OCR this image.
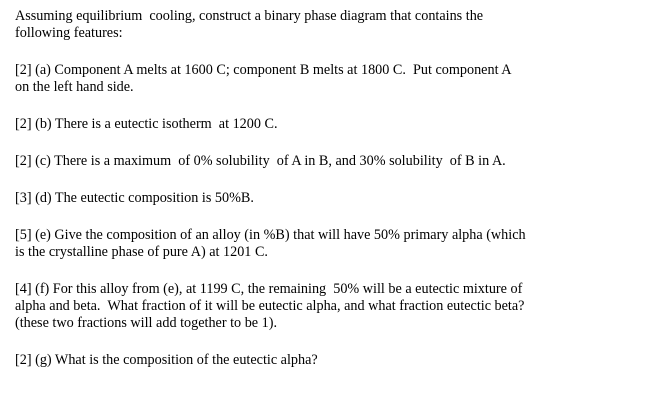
Assuming equilibrium  cooling, construct a binary phase diagram that contains the
following features:

[2] (a) Component A melts at 1600 C; component B melts at 1800 C.  Put component A
on the left hand side.

[2] (b) There is a eutectic isotherm  at 1200 C.

[2] (c) There is a maximum  of 0% solubility  of A in B, and 30% solubility  of B in A.

[3] (d) The eutectic composition is 50%B.

[5] (e) Give the composition of an alloy (in %B) that will have 50% primary alpha (which
is the crystalline phase of pure A) at 1201 C.

[4] (f) For this alloy from (e), at 1199 C, the remaining  50% will be a eutectic mixture of
alpha and beta.  What fraction of it will be eutectic alpha, and what fraction eutectic beta?
(these two fractions will add together to be 1).

[2] (g) What is the composition of the eutectic alpha?
